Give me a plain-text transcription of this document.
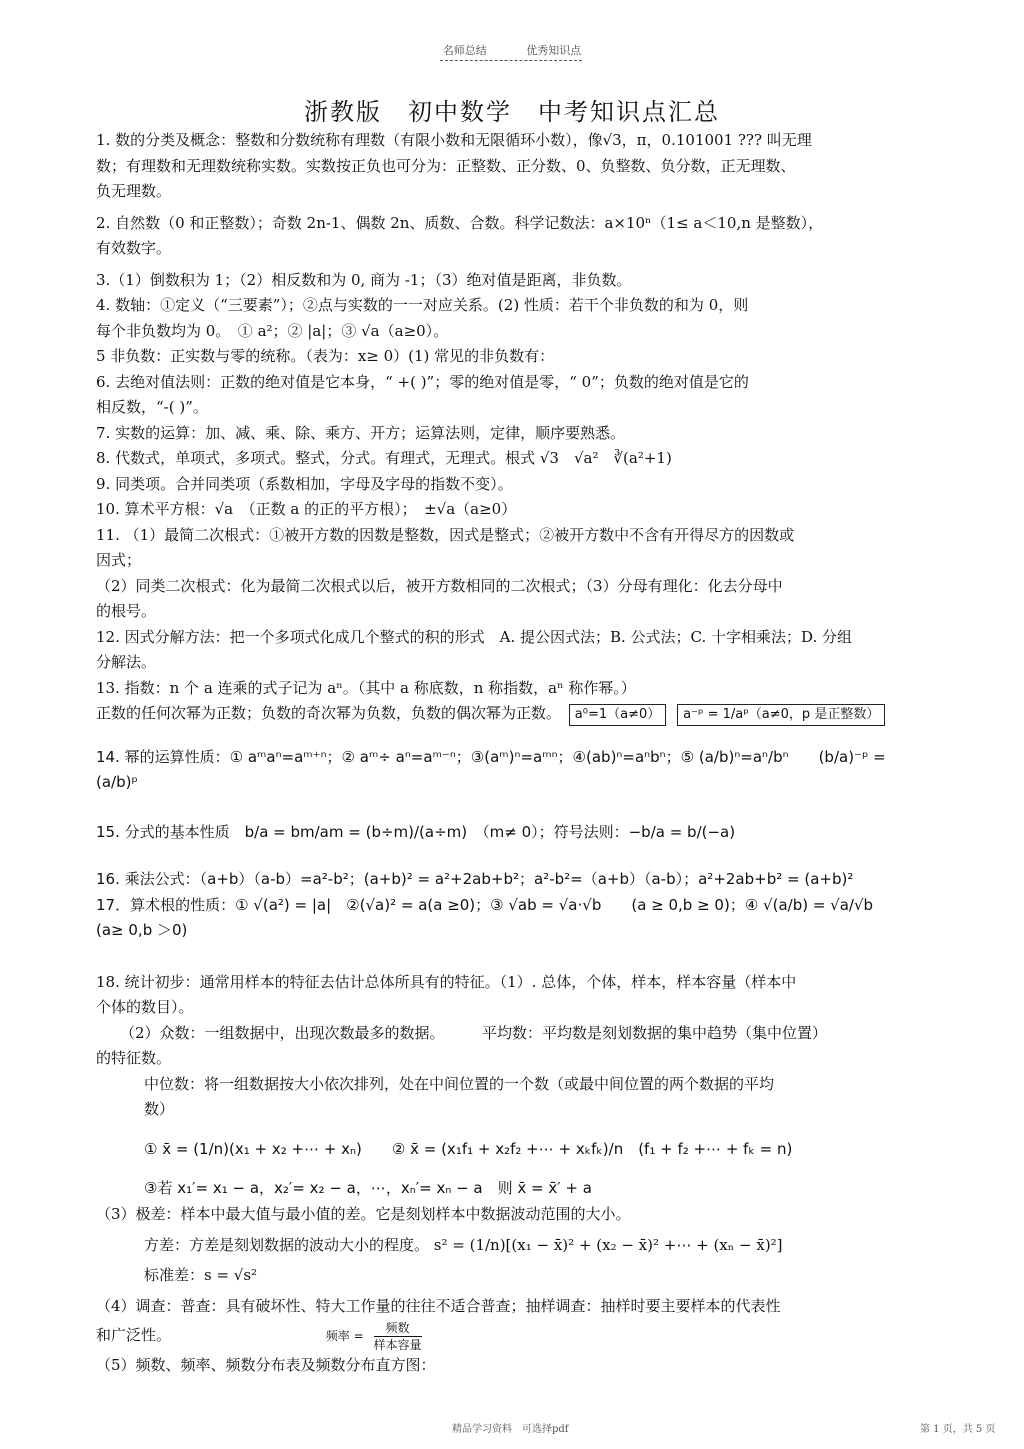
名师总结	优秀知识点
浙教版　初中数学　中考知识点汇总

1. 数的分类及概念：整数和分数统称有理数（有限小数和无限循环小数），像√3，π，0.101001 ??? 叫无理

数；有理数和无理数统称实数。实数按正负也可分为：正整数、正分数、0、负整数、负分数，正无理数、

负无理数。

2. 自然数（0 和正整数）；奇数 2n-1、偶数 2n、质数、合数。科学记数法：a×10ⁿ（1≤ a＜10,n 是整数），

有效数字。

3.（1）倒数积为 1；（2）相反数和为 0, 商为 -1；（3）绝对值是距离，非负数。

4. 数轴：①定义（“三要素”）；②点与实数的一一对应关系。(2) 性质：若干个非负数的和为 0，则

每个非负数均为 0。　① a²；② |a|；③ √a（a≥0）。

5 非负数：正实数与零的统称。（表为：x≥ 0）(1) 常见的非负数有：

6. 去绝对值法则：正数的绝对值是它本身，“ +( )”；零的绝对值是零，“ 0”；负数的绝对值是它的

相反数，“-( )”。

7. 实数的运算：加、减、乘、除、乘方、开方；运算法则，定律，顺序要熟悉。

8. 代数式，单项式，多项式。整式，分式。有理式，无理式。根式 √3　√a²　∛(a²+1)

9. 同类项。合并同类项（系数相加，字母及字母的指数不变）。

10. 算术平方根：√a　（正数 a 的正的平方根）；　±√a（a≥0）

11. （1）最简二次根式：①被开方数的因数是整数，因式是整式；②被开方数中不含有开得尽方的因数或

因式；

（2）同类二次根式：化为最简二次根式以后，被开方数相同的二次根式；（3）分母有理化：化去分母中

的根号。

12. 因式分解方法：把一个多项式化成几个整式的积的形式　A. 提公因式法；B. 公式法；C. 十字相乘法；D. 分组

分解法。

13. 指数：n 个 a 连乘的式子记为 aⁿ。（其中 a 称底数，n 称指数，aⁿ 称作幂。）

正数的任何次幂为正数；负数的奇次幂为负数，负数的偶次幂为正数。 a⁰=1（a≠0） a⁻ᵖ = 1/aᵖ（a≠0，p 是正整数）

14. 幂的运算性质：① aᵐaⁿ=aᵐ⁺ⁿ；② aᵐ÷ aⁿ=aᵐ⁻ⁿ；③(aᵐ)ⁿ=aᵐⁿ；④(ab)ⁿ=aⁿbⁿ；⑤ (a/b)ⁿ=aⁿ/bⁿ　　(b/a)⁻ᵖ = (a/b)ᵖ

15. 分式的基本性质　b/a = bm/am = (b÷m)/(a÷m)　（m≠ 0）；符号法则：−b/a = b/(−a)

16. 乘法公式：（a+b）（a-b）=a²-b²；(a+b)² = a²+2ab+b²；a²-b²=（a+b）（a-b）；a²+2ab+b² = (a+b)²

17．算术根的性质：① √(a²) = |a|　②(√a)² = a(a ≥0)；③ √ab = √a·√b　　(a ≥ 0,b ≥ 0)；④ √(a/b) = √a/√b

(a≥ 0,b ＞0)

18. 统计初步：通常用样本的特征去估计总体所具有的特征。（1）. 总体，个体，样本，样本容量（样本中

个体的数目）。

（2）众数：一组数据中，出现次数最多的数据。　　　平均数：平均数是刻划数据的集中趋势（集中位置）

的特征数。

中位数：将一组数据按大小依次排列，处在中间位置的一个数（或最中间位置的两个数据的平均

数）

① x̄ = (1/n)(x₁ + x₂ +⋯ + xₙ)　　② x̄ = (x₁f₁ + x₂f₂ +⋯ + xₖfₖ)/n　(f₁ + f₂ +⋯ + fₖ = n)

③若 x₁′= x₁ − a，x₂′= x₂ − a，⋯，xₙ′= xₙ − a　则 x̄ = x̄′ + a

（3）极差：样本中最大值与最小值的差。它是刻划样本中数据波动范围的大小。

方差：方差是刻划数据的波动大小的程度。 s² = (1/n)[(x₁ − x̄)² + (x₂ − x̄)² +⋯ + (xₙ − x̄)²]

标准差：s = √s²

（4）调查：普查：具有破坏性、特大工作量的往往不适合普查；抽样调查：抽样时要主要样本的代表性

和广泛性。	频率 =
频数
样本容量

（5）频数、频率、频数分布表及频数分布直方图：

精品学习资料　可选择pdf	第 1 页，共 5 页
